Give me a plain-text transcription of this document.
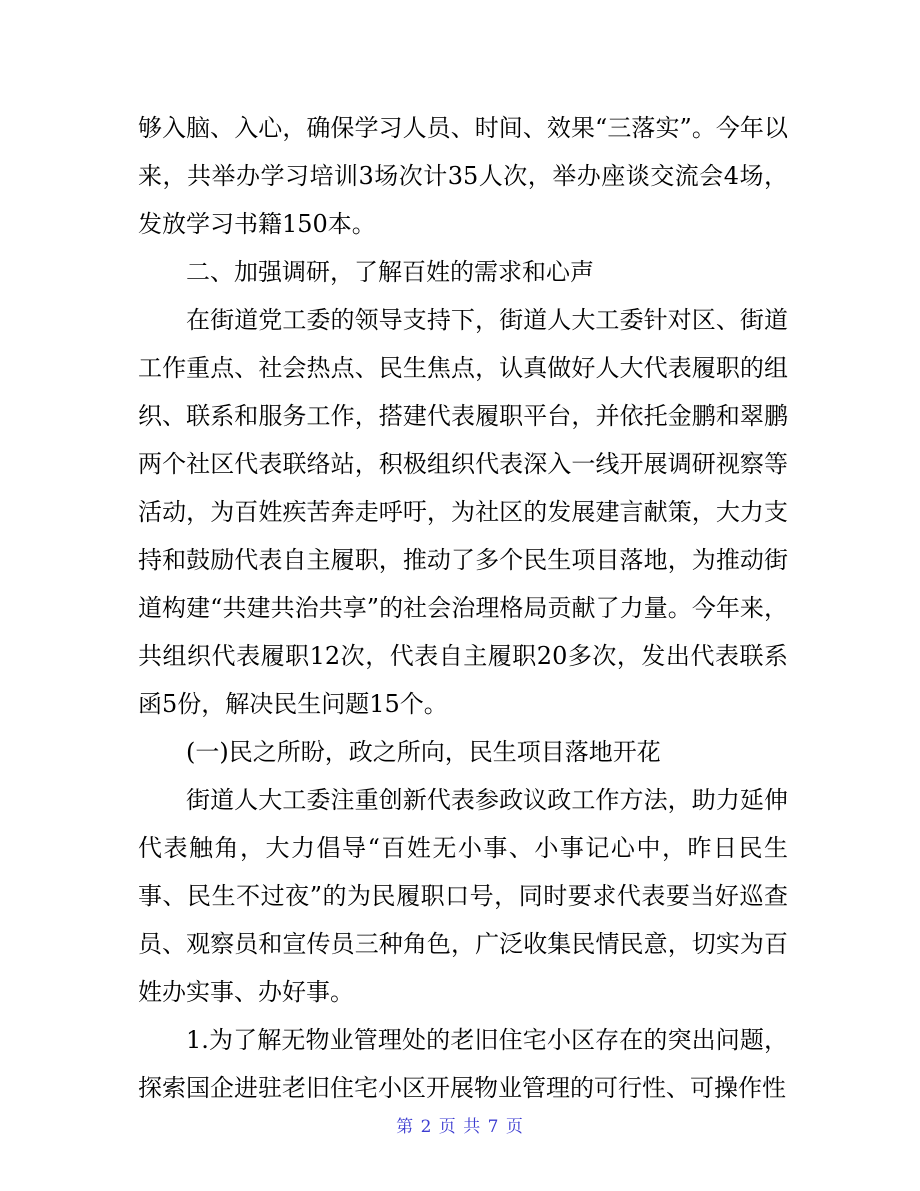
够入脑、入心，确保学习人员、时间、效果“三落实”。今年以来，共举办学习培训3场次计35人次，举办座谈交流会4场，发放学习书籍150本。

二、加强调研，了解百姓的需求和心声

在街道党工委的领导支持下，街道人大工委针对区、街道工作重点、社会热点、民生焦点，认真做好人大代表履职的组织、联系和服务工作，搭建代表履职平台，并依托金鹏和翠鹏两个社区代表联络站，积极组织代表深入一线开展调研视察等活动，为百姓疾苦奔走呼吁，为社区的发展建言献策，大力支持和鼓励代表自主履职，推动了多个民生项目落地，为推动街道构建“共建共治共享”的社会治理格局贡献了力量。今年来，共组织代表履职12次，代表自主履职20多次，发出代表联系函5份，解决民生问题15个。

(一)民之所盼，政之所向，民生项目落地开花

街道人大工委注重创新代表参政议政工作方法，助力延伸代表触角，大力倡导“百姓无小事、小事记心中，昨日民生事、民生不过夜”的为民履职口号，同时要求代表要当好巡查员、观察员和宣传员三种角色，广泛收集民情民意，切实为百姓办实事、办好事。

1.为了解无物业管理处的老旧住宅小区存在的突出问题，探索国企进驻老旧住宅小区开展物业管理的可行性、可操作性

第 2 页 共 7 页
